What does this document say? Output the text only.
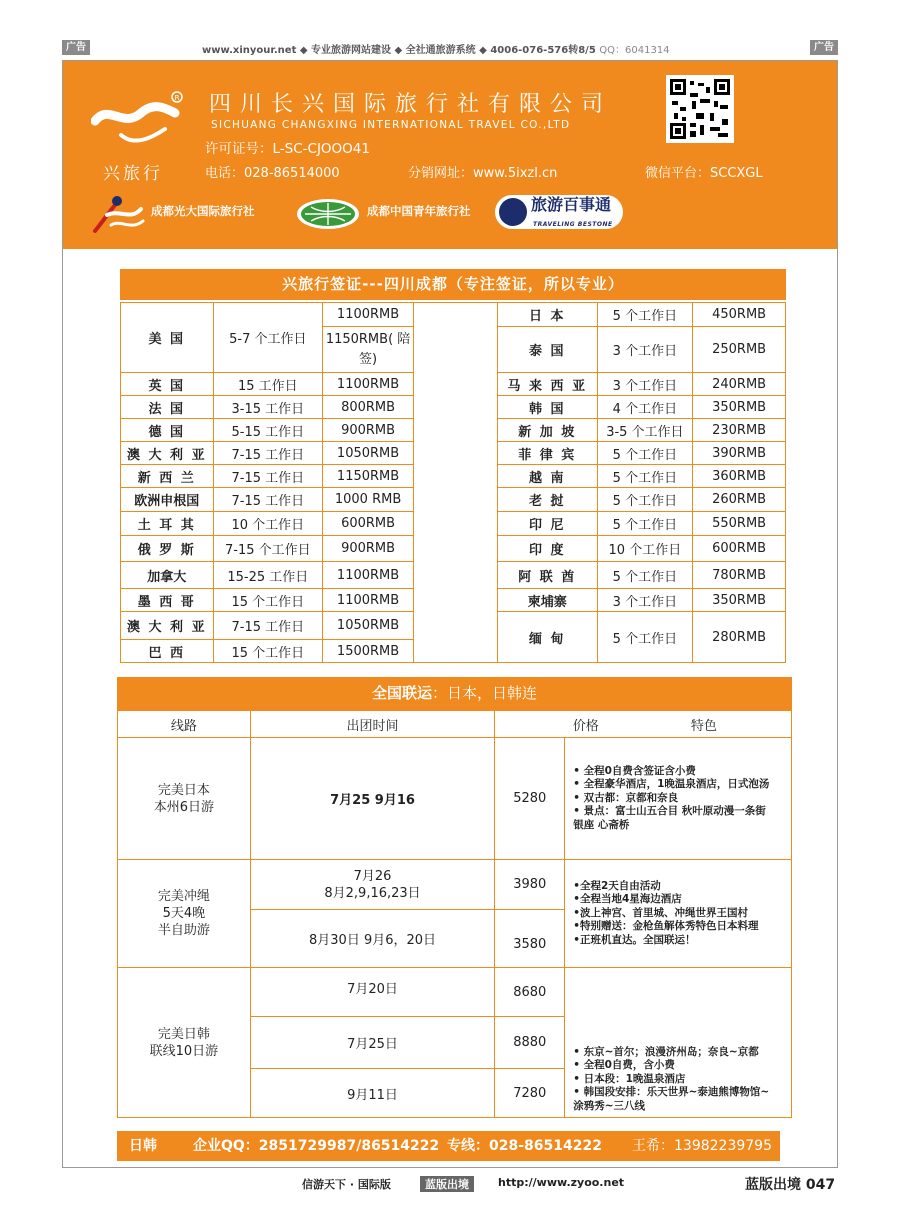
广告	www.xinyour.net ◆ 专业旅游网站建设 ◆ 全社通旅游系统 ◆ 4006-076-576转8/5 QQ：6041314	广告
R
兴旅行
四川长兴国际旅行社有限公司
SICHUANG CHANGXING INTERNATIONAL TRAVEL CO.,LTD
许可证号：L-SC-CJOOO41
电话：028-86514000	分销网址：www.5ixzl.cn	微信平台：SCCXGL
成都光大国际旅行社	成都中国青年旅行社	旅游百事通
TRAVELING BESTONE
兴旅行签证---四川成都（专注签证，所以专业）
美 国	5-7 个工作日	1100RMB
		1150RMB( 陪签)
英 国	15 工作日	1100RMB
法 国	3-15 工作日	800RMB
德 国	5-15 工作日	900RMB
澳 大 利 亚	7-15 工作日	1050RMB
新 西 兰	7-15 工作日	1150RMB
欧洲申根国	7-15 工作日	1000 RMB
土 耳 其	10 个工作日	600RMB
俄 罗 斯	7-15 个工作日	900RMB
加拿大	15-25 工作日	1100RMB
墨 西 哥	15 个工作日	1100RMB
澳 大 利 亚	7-15 工作日	1050RMB
巴 西	15 个工作日	1500RMB
日 本	5 个工作日	450RMB
泰 国	3 个工作日	250RMB
马 来 西 亚	3 个工作日	240RMB
韩 国	4 个工作日	350RMB
新 加 坡	3-5 个工作日	230RMB
菲 律 宾	5 个工作日	390RMB
越 南	5 个工作日	360RMB
老 挝	5 个工作日	260RMB
印 尼	5 个工作日	550RMB
印 度	10 个工作日	600RMB
阿 联 酋	5 个工作日	780RMB
柬埔寨	3 个工作日	350RMB
缅 甸	5 个工作日	280RMB
全国联运：日本，日韩连
线路	出团时间		价格 特色
完美日本
本州6日游	7月25 9月16	5280	• 全程0自费含签证含小费
• 全程豪华酒店，1晚温泉酒店，日式泡汤
• 双古都：京都和奈良
• 景点：富士山五合目 秋叶原动漫一条街
银座 心斋桥
完美冲绳
5天4晚
半自助游	7月26
8月2,9,16,23日	3980	•全程2天自由活动
•全程当地4星海边酒店
•波上神宫、首里城、冲绳世界王国村
•特别赠送：金枪鱼解体秀特色日本料理
•正班机直达。全国联运！
	8月30日 9月6，20日	3580	
完美日韩
联线10日游	7月20日	8680	• 东京~首尔；浪漫济州岛；奈良~京都
• 全程0自费，含小费
• 日本段：1晚温泉酒店
• 韩国段安排：乐天世界~泰迪熊博物馆~
涂鸦秀~三八线
	7月25日	8880	
	9月11日	7280	
日韩	企业QQ：2851729987/86514222 专线：028-86514222 王希：13982239795
信游天下 · 国际版	蓝版出境	http://www.zyoo.net	蓝版出境 047
